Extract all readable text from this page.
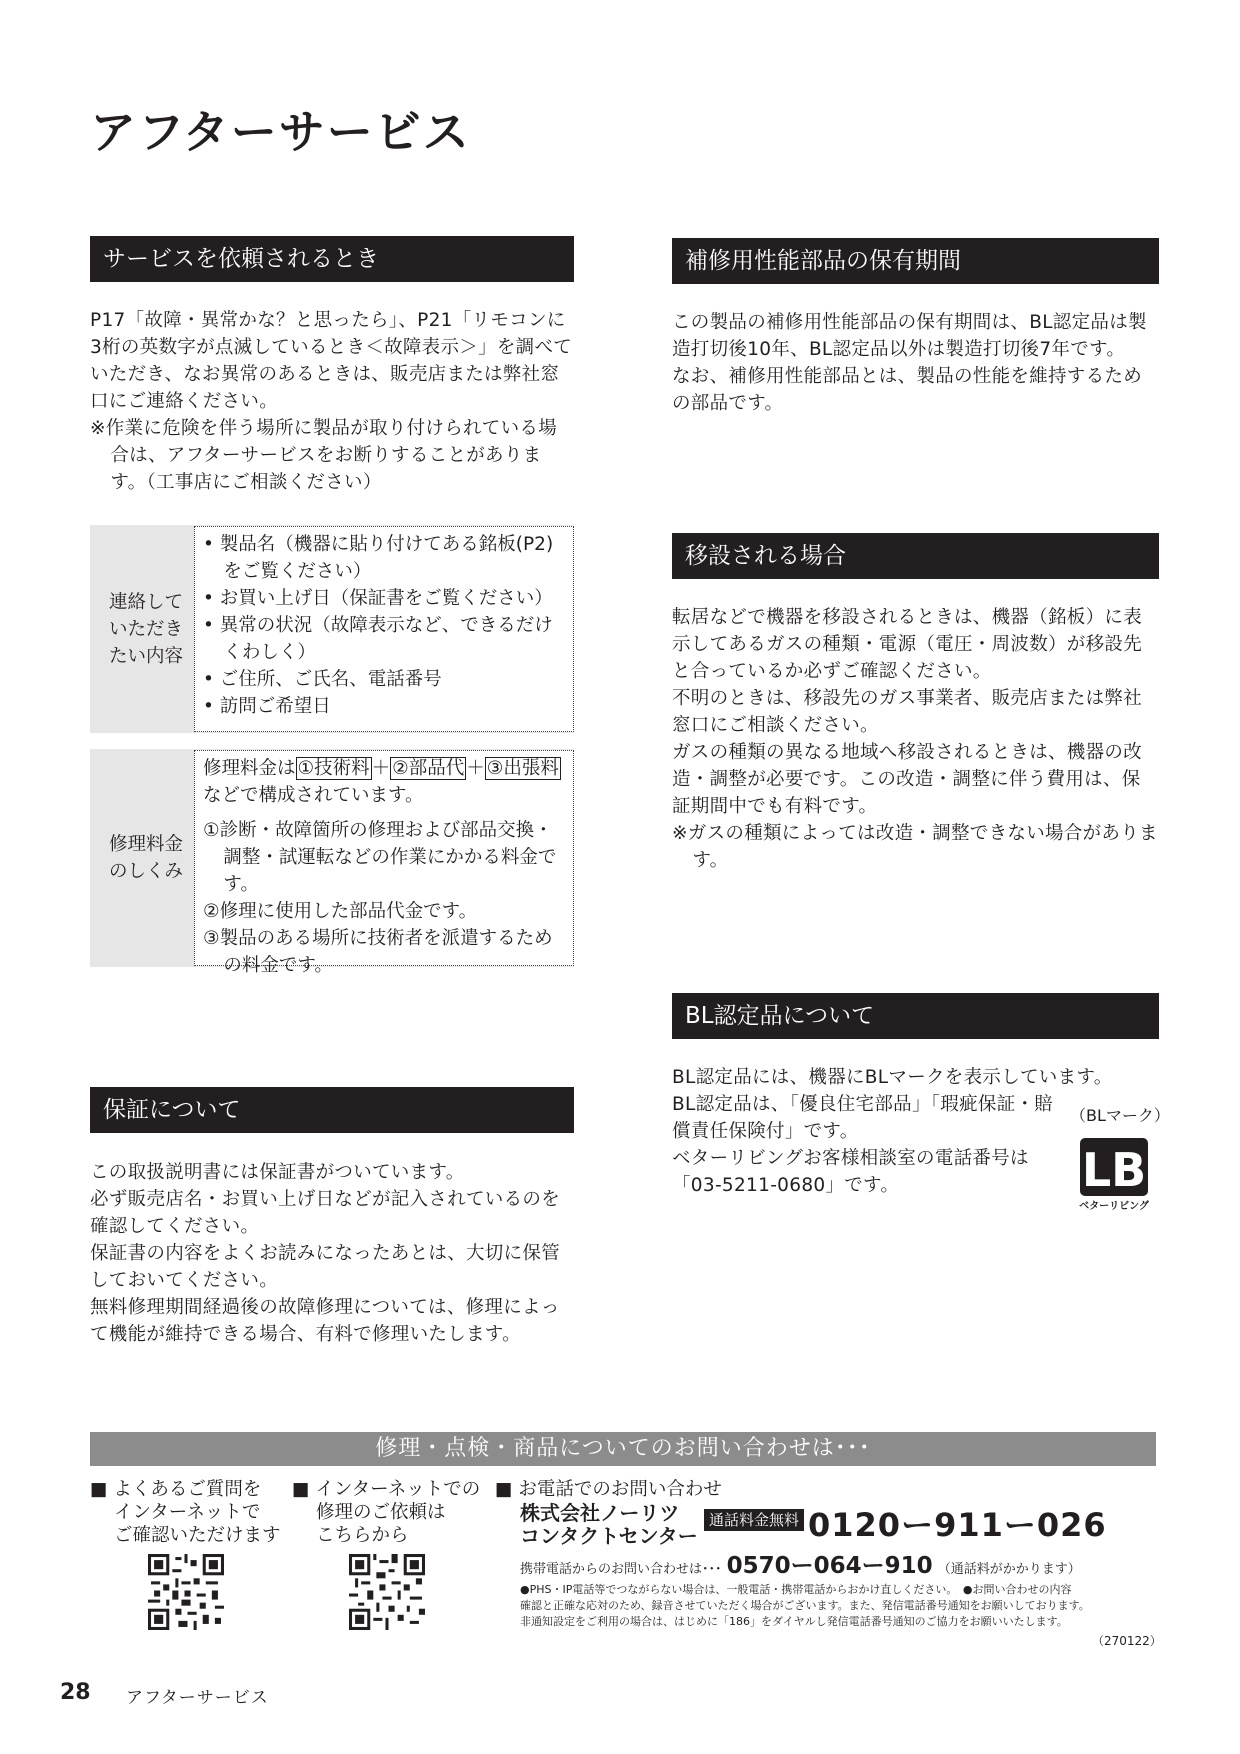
アフターサービス
サービスを依頼されるとき

P17「故障・異常かな？と思ったら」、P21「リモコンに3桁の英数字が点滅しているとき＜故障表示＞」を調べていただき、なお異常のあるときは、販売店または弊社窓口にご連絡ください。

※作業に危険を伴う場所に製品が取り付けられている場合は、アフターサービスをお断りすることがあります。（工事店にご相談ください）

連絡して
いただき
たい内容

• 製品名（機器に貼り付けてある銘板(P2)をご覧ください）

• お買い上げ日（保証書をご覧ください）

• 異常の状況（故障表示など、できるだけくわしく）

• ご住所、ご氏名、電話番号

• 訪問ご希望日

修理料金
のしくみ

修理料金は ①技術料 ＋ ②部品代 ＋ ③出張料
などで構成されています。

①診断・故障箇所の修理および部品交換・調整・試運転などの作業にかかる料金です。

②修理に使用した部品代金です。

③製品のある場所に技術者を派遣するための料金です。

保証について

この取扱説明書には保証書がついています。

必ず販売店名・お買い上げ日などが記入されているのを確認してください。

保証書の内容をよくお読みになったあとは、大切に保管しておいてください。

無料修理期間経過後の故障修理については、修理によって機能が維持できる場合、有料で修理いたします。

補修用性能部品の保有期間

この製品の補修用性能部品の保有期間は、BL認定品は製造打切後10年、BL認定品以外は製造打切後7年です。

なお、補修用性能部品とは、製品の性能を維持するための部品です。

移設される場合

転居などで機器を移設されるときは、機器（銘板）に表示してあるガスの種類・電源（電圧・周波数）が移設先と合っているか必ずご確認ください。

不明のときは、移設先のガス事業者、販売店または弊社窓口にご相談ください。

ガスの種類の異なる地域へ移設されるときは、機器の改造・調整が必要です。この改造・調整に伴う費用は、保証期間中でも有料です。

※ガスの種類によっては改造・調整できない場合があります。

BL認定品について

BL認定品には、機器にBLマークを表示しています。

BL認定品は、「優良住宅部品」「瑕疵保証・賠償責任保険付」です。

ベターリビングお客様相談室の電話番号は「03-5211-0680」です。

（BLマーク）
LB
ベターリビング
修理・点検・商品についてのお問い合わせは･･･
■ よくあるご質問を
インターネットで
ご確認いただけます
■ インターネットでの
修理のご依頼は
こちらから
■ お電話でのお問い合わせ
株式会社ノーリツ
コンタクトセンター
通話料金無料 0120ー911ー026
携帯電話からのお問い合わせは･･･ 0570ー064ー910 （通話料がかかります）
●PHS・IP電話等でつながらない場合は、一般電話・携帯電話からおかけ直しください。　●お問い合わせの内容
確認と正確な応対のため、録音させていただく場合がございます。また、発信電話番号通知をお願いしております。
非通知設定をご利用の場合は、はじめに「186」をダイヤルし発信電話番号通知のご協力をお願いいたします。
（270122）
28 アフターサービス
